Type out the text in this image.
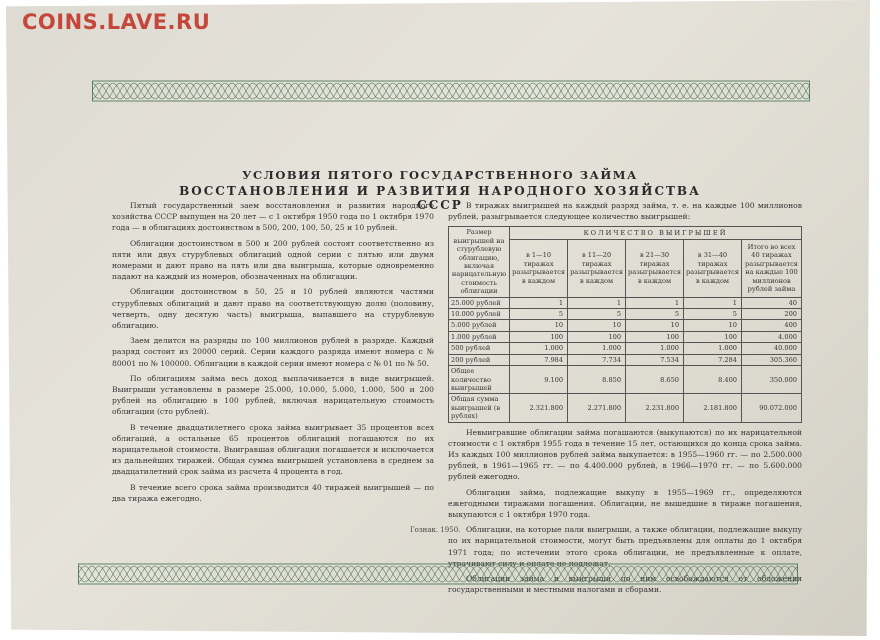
COINS.LAVE.RU
УСЛОВИЯ ПЯТОГО ГОСУДАРСТВЕННОГО ЗАЙМА
ВОССТАНОВЛЕНИЯ И РАЗВИТИЯ НАРОДНОГО ХОЗЯЙСТВА СССР

Пятый государственный заем восстановления и развития народного хозяйства СССР выпущен на 20 лет — с 1 октября 1950 года по 1 октября 1970 года — в облигациях достоинством в 500, 200, 100, 50, 25 и 10 рублей.

Облигации достоинством в 500 и 200 рублей состоят соответственно из пяти или двух стурублевых облигаций одной серии с пятью или двумя номерами и дают право на пять или два выигрыша, которые одновременно падают на каждый из номеров, обозначенных на облигации.

Облигации достоинством в 50, 25 и 10 рублей являются частями стурублевых облигаций и дают право на соответствующую долю (половину, четверть, одну десятую часть) выигрыша, выпавшего на стурублевую облигацию.

Заем делится на разряды по 100 миллионов рублей в разряде. Каждый разряд состоит из 20000 серий. Серии каждого разряда имеют номера с № 80001 по № 100000. Облигации в каждой серии имеют номера с № 01 по № 50.

По облигациям займа весь доход выплачивается в виде выигрышей. Выигрыши установлены в размере 25.000, 10.000, 5.000, 1.000, 500 и 200 рублей на облигацию в 100 рублей, включая нарицательную стоимость облигации (сто рублей).

В течение двадцатилетнего срока займа выигрывает 35 процентов всех облигаций, а остальные 65 процентов облигаций погашаются по их нарицательной стоимости. Выигравшая облигация погашается и исключается из дальнейших тиражей. Общая сумма выигрышей установлена в среднем за двадцатилетний срок займа из расчета 4 процента в год.

В течение всего срока займа производится 40 тиражей выигрышей — по два тиража ежегодно.

В тиражах выигрышей на каждый разряд займа, т. е. на каждые 100 миллионов рублей, разыгрывается следующее количество выигрышей:

Размер выигрышей на стурублевую облигацию, включая нарицательную стоимость облигации	КОЛИЧЕСТВО ВЫИГРЫШЕЙ				
	в 1—10 тиражах разыгрывается в каждом	в 11—20 тиражах разыгрывается в каждом	в 21—30 тиражах разыгрывается в каждом	в 31—40 тиражах разыгрывается в каждом	Итого во всех 40 тиражах разыгрывается на каждые 100 миллионов рублей займа
25.000 рублей	1	1	1	1	40
10.000 рублей	5	5	5	5	200
5.000 рублей	10	10	10	10	400
1.000 рублей	100	100	100	100	4.000
500 рублей	1.000	1.000	1.000	1.000	40.000
200 рублей	7.984	7.734	7.534	7.284	305.360
Общее количество выигрышей	9.100	8.850	8.650	8.400	350.000
Общая сумма выигрышей (в рублях)	2.321.800	2.271.800	2.231.800	2.181.800	90.072.000

Невыигравшие облигации займа погашаются (выкупаются) по их нарицательной стоимости с 1 октября 1955 года в течение 15 лет, остающихся до конца срока займа. Из каждых 100 миллионов рублей займа выкупается: в 1955—1960 гг. — по 2.500.000 рублей, в 1961—1965 гг. — по 4.400.000 рублей, в 1966—1970 гг. — по 5.600.000 рублей ежегодно.

Облигации займа, подлежащие выкупу в 1955—1969 гг., определяются ежегодными тиражами погашения. Облигации, не вышедшие в тираже погашения, выкупаются с 1 октября 1970 года.

Облигации, на которые пали выигрыши, а также облигации, подлежащие выкупу по их нарицательной стоимости, могут быть предъявлены для оплаты до 1 октября 1971 года; по истечении этого срока облигации, не предъявленные к оплате, утрачивают силу и оплате не подлежат.

Облигации займа и выигрыши по ним освобождаются от обложения государственными и местными налогами и сборами.

Гознак. 1950.
